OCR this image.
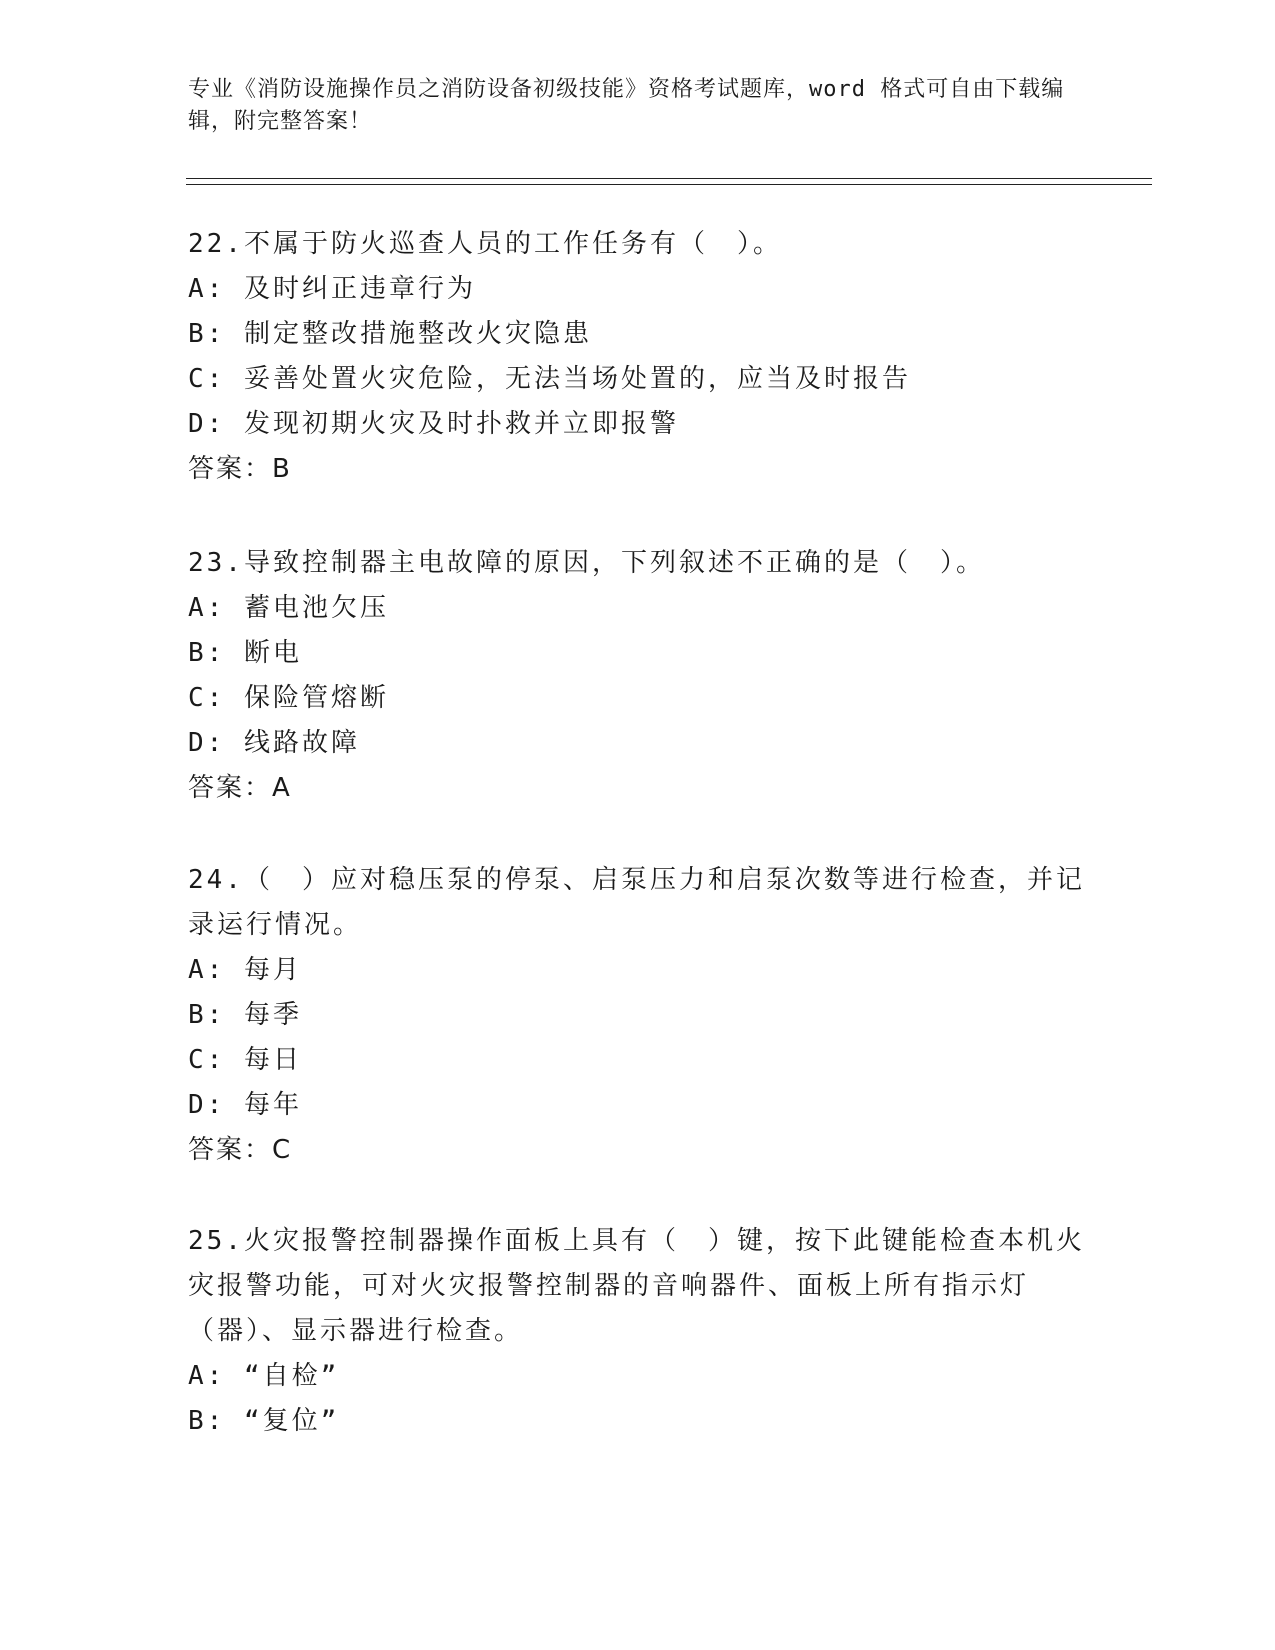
专业《消防设施操作员之消防设备初级技能》资格考试题库，word 格式可自由下载编辑，附完整答案！
22.不属于防火巡查人员的工作任务有（　）。
A: 及时纠正违章行为
B: 制定整改措施整改火灾隐患
C: 妥善处置火灾危险，无法当场处置的，应当及时报告
D: 发现初期火灾及时扑救并立即报警
答案：B
23.导致控制器主电故障的原因，下列叙述不正确的是（　）。
A: 蓄电池欠压
B: 断电
C: 保险管熔断
D: 线路故障
答案：A
24.（　）应对稳压泵的停泵、启泵压力和启泵次数等进行检查，并记录运行情况。
A: 每月
B: 每季
C: 每日
D: 每年
答案：C
25.火灾报警控制器操作面板上具有（　）键，按下此键能检查本机火灾报警功能，可对火灾报警控制器的音响器件、面板上所有指示灯（器）、显示器进行检查。
A: “自检”
B: “复位”
